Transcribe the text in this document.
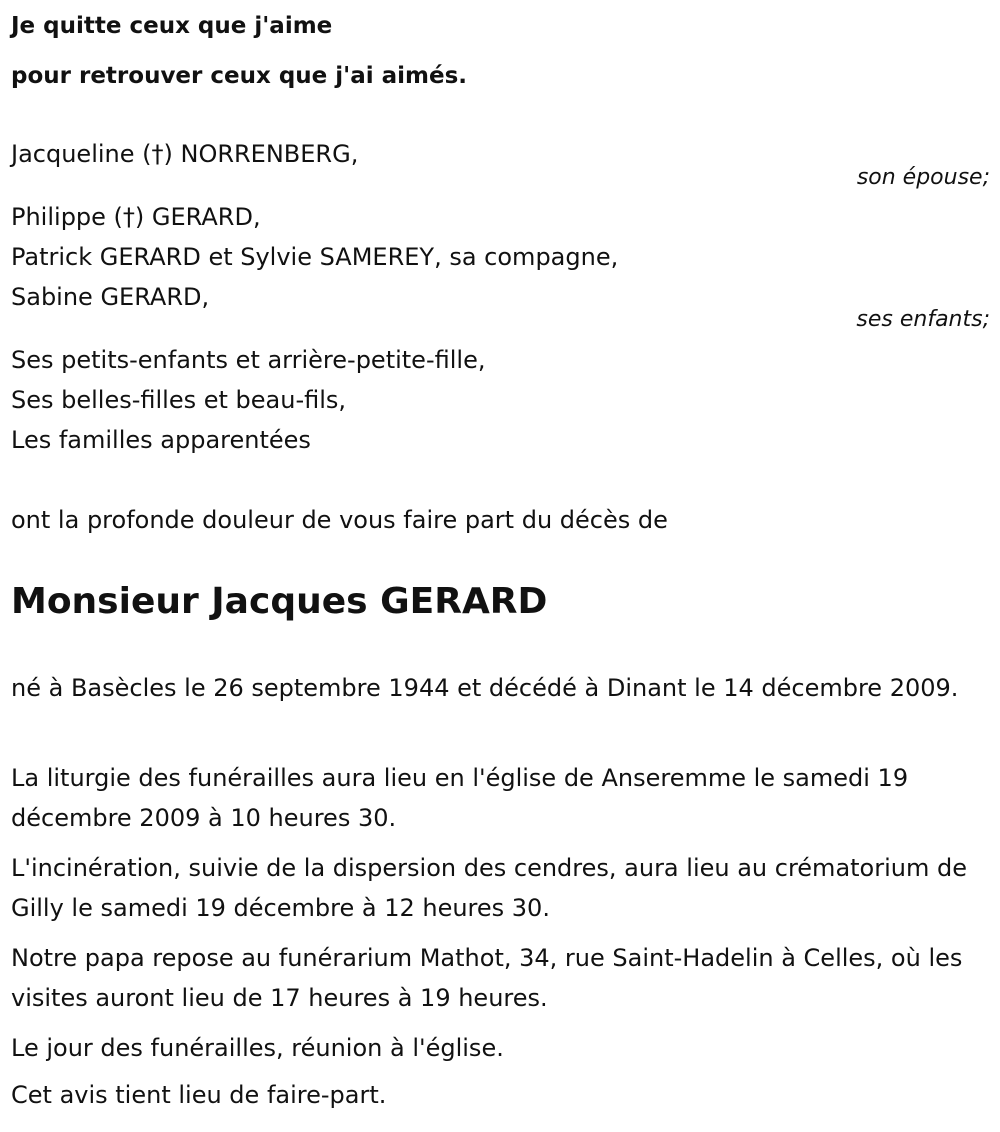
Je quitte ceux que j'aime
pour retrouver ceux que j'ai aimés.
Jacqueline (†) NORRENBERG,
son épouse;
Philippe (†) GERARD,
Patrick GERARD et Sylvie SAMEREY, sa compagne,
Sabine GERARD,
ses enfants;
Ses petits-enfants et arrière-petite-fille,
Ses belles-filles et beau-fils,
Les familles apparentées
ont la profonde douleur de vous faire part du décès de
Monsieur Jacques GERARD
né à Basècles le 26 septembre 1944 et décédé à Dinant le 14 décembre 2009.
La liturgie des funérailles aura lieu en l'église de Anseremme le samedi 19 décembre 2009 à 10 heures 30.
L'incinération, suivie de la dispersion des cendres, aura lieu au crématorium de Gilly le samedi 19 décembre à 12 heures 30.
Notre papa repose au funérarium Mathot, 34, rue Saint-Hadelin à Celles, où les visites auront lieu de 17 heures à 19 heures.
Le jour des funérailles, réunion à l'église.
Cet avis tient lieu de faire-part.
